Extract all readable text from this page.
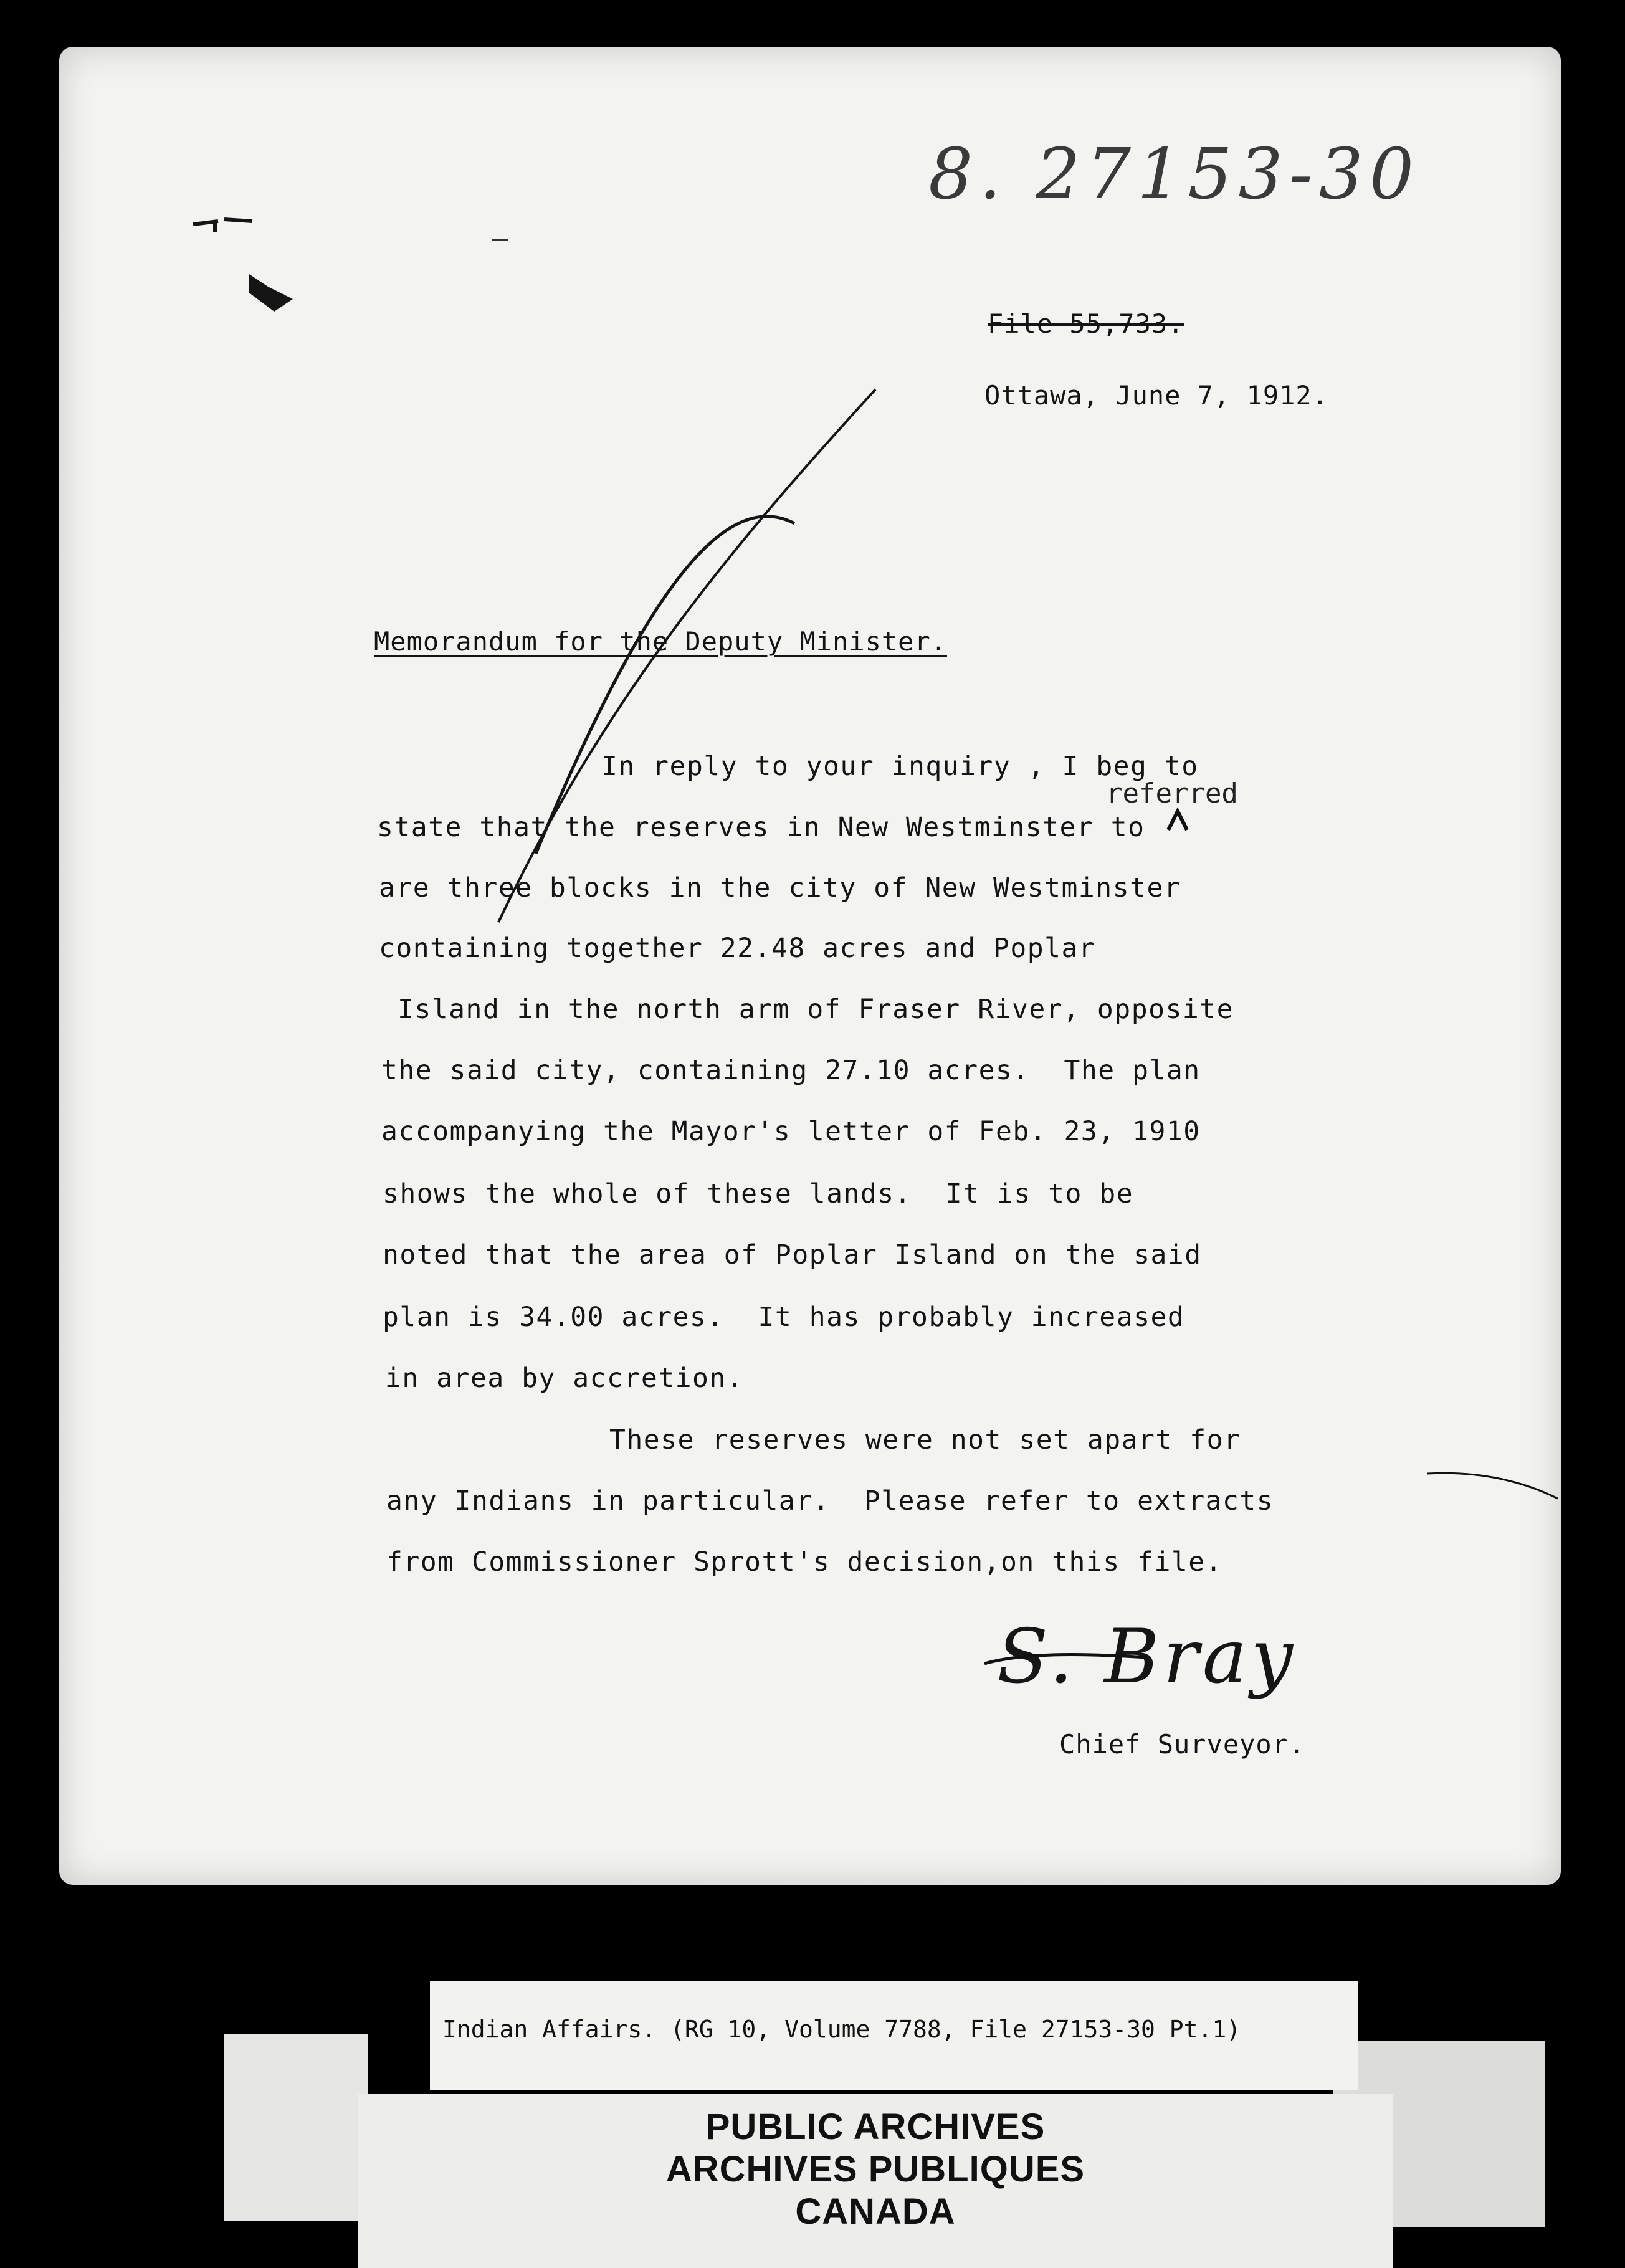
8. 27153-30
File 55,733.
Ottawa, June 7, 1912.
Memorandum for the Deputy Minister.
referred
In reply to your inquiry , I beg to
state that the reserves in New Westminster to
are three blocks in the city of New Westminster
containing together 22.48 acres and Poplar
Island in the north arm of Fraser River, opposite
the said city, containing 27.10 acres.  The plan
accompanying the Mayor's letter of Feb. 23, 1910
shows the whole of these lands.  It is to be
noted that the area of Poplar Island on the said
plan is 34.00 acres.  It has probably increased
in area by accretion.
These reserves were not set apart for
any Indians in particular.  Please refer to extracts
from Commissioner Sprott's decision,on this file.
S. Bray
Chief Surveyor.
Indian Affairs. (RG 10, Volume 7788, File 27153-30 Pt.1)
PUBLIC ARCHIVES
ARCHIVES PUBLIQUES
CANADA
